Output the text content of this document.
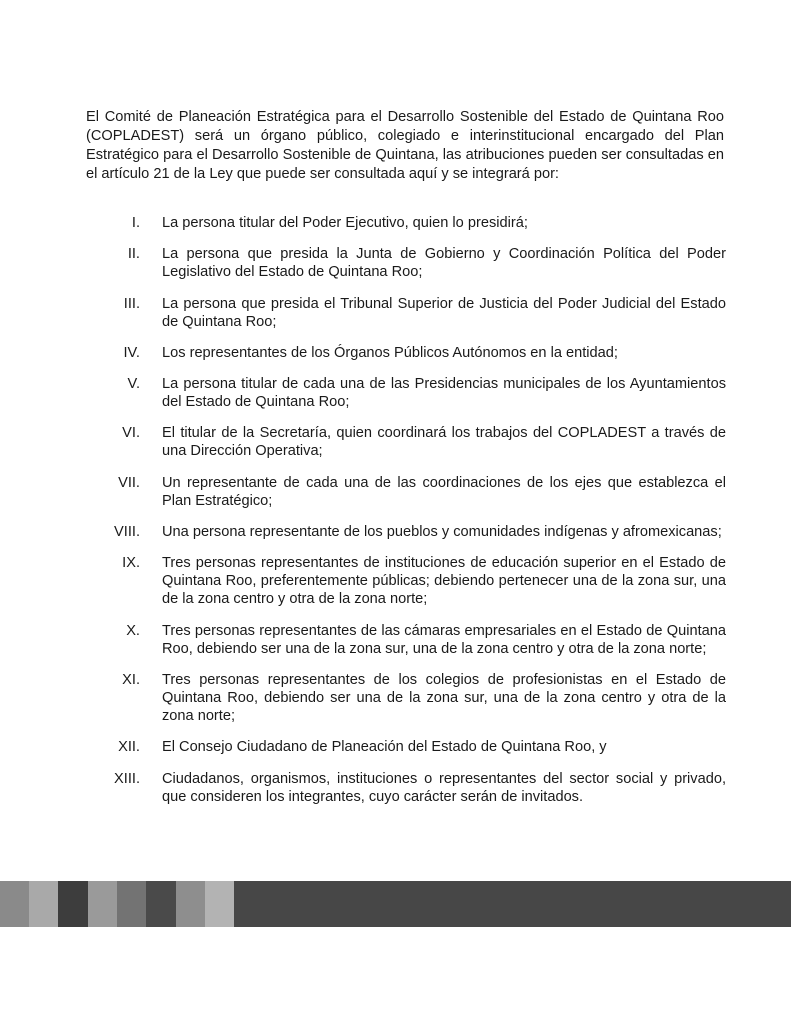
El Comité de Planeación Estratégica para el Desarrollo Sostenible del Estado de Quintana Roo (COPLADEST) será un órgano público, colegiado e interinstitucional encargado del Plan Estratégico para el Desarrollo Sostenible de Quintana, las atribuciones pueden ser consultadas en el artículo 21 de la Ley que puede ser consultada aquí y se integrará por:

I.	La persona titular del Poder Ejecutivo, quien lo presidirá;
II.	La persona que presida la Junta de Gobierno y Coordinación Política del Poder Legislativo del Estado de Quintana Roo;
III.	La persona que presida el Tribunal Superior de Justicia del Poder Judicial del Estado de Quintana Roo;
IV.	Los representantes de los Órganos Públicos Autónomos en la entidad;
V.	La persona titular de cada una de las Presidencias municipales de los Ayuntamientos del Estado de Quintana Roo;
VI.	El titular de la Secretaría, quien coordinará los trabajos del COPLADEST a través de una Dirección Operativa;
VII.	Un representante de cada una de las coordinaciones de los ejes que establezca el Plan Estratégico;
VIII.	Una persona representante de los pueblos y comunidades indígenas y afromexicanas;
IX.	Tres personas representantes de instituciones de educación superior en el Estado de Quintana Roo, preferentemente públicas; debiendo pertenecer una de la zona sur, una de la zona centro y otra de la zona norte;
X.	Tres personas representantes de las cámaras empresariales en el Estado de Quintana Roo, debiendo ser una de la zona sur, una de la zona centro y otra de la zona norte;
XI.	Tres personas representantes de los colegios de profesionistas en el Estado de Quintana Roo, debiendo ser una de la zona sur, una de la zona centro y otra de la zona norte;
XII.	El Consejo Ciudadano de Planeación del Estado de Quintana Roo, y
XIII.	Ciudadanos, organismos, instituciones o representantes del sector social y privado, que consideren los integrantes, cuyo carácter serán de invitados.
